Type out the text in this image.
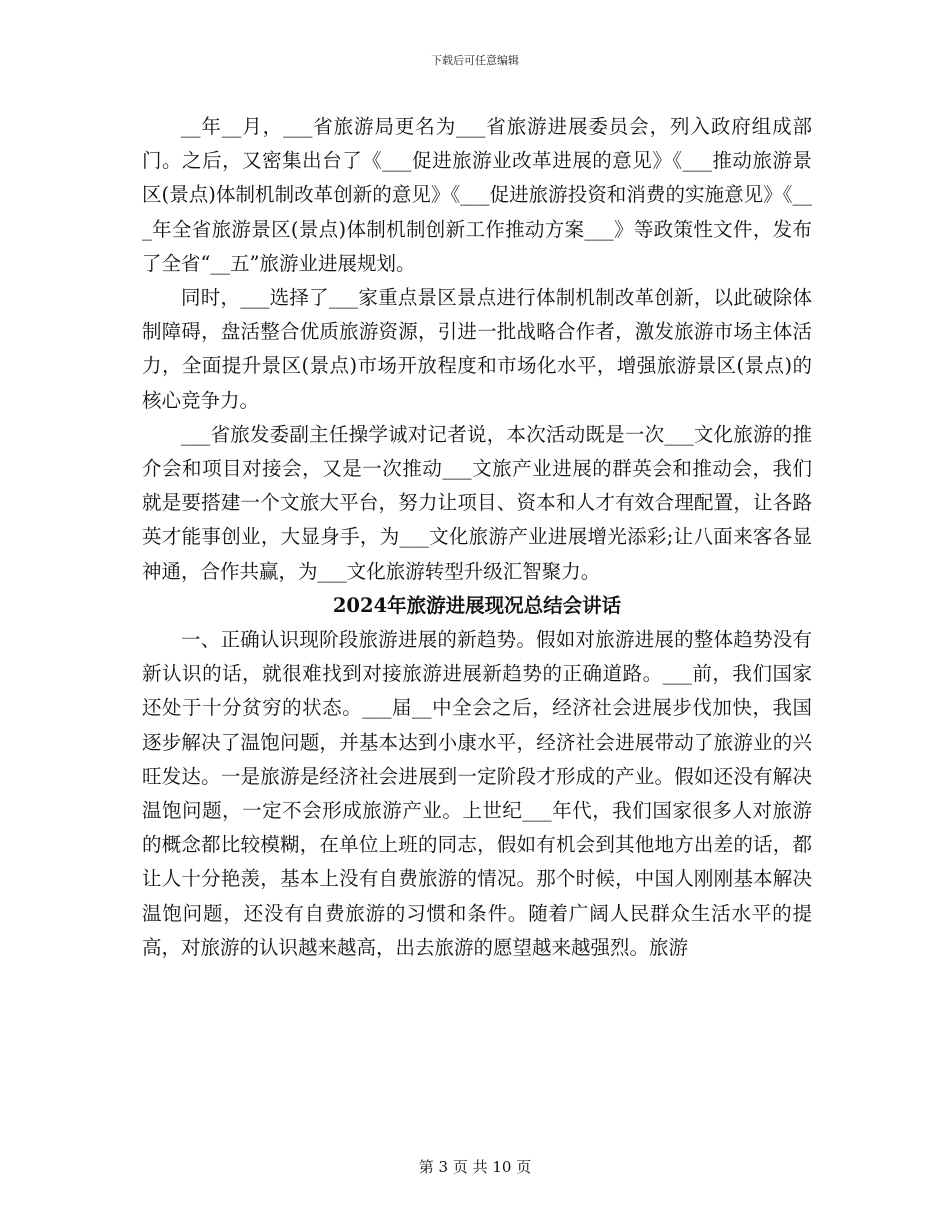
下载后可任意编辑

__年__月，___省旅游局更名为___省旅游进展委员会，列入政府组成部门。之后，又密集出台了《___促进旅游业改革进展的意见》《___推动旅游景区(景点)体制机制改革创新的意见》《___促进旅游投资和消费的实施意见》《___年全省旅游景区(景点)体制机制创新工作推动方案___》等政策性文件，发布了全省“__五”旅游业进展规划。

同时，___选择了___家重点景区景点进行体制机制改革创新，以此破除体制障碍，盘活整合优质旅游资源，引进一批战略合作者，激发旅游市场主体活力，全面提升景区(景点)市场开放程度和市场化水平，增强旅游景区(景点)的核心竞争力。

___省旅发委副主任操学诚对记者说，本次活动既是一次___文化旅游的推介会和项目对接会，又是一次推动___文旅产业进展的群英会和推动会，我们就是要搭建一个文旅大平台，努力让项目、资本和人才有效合理配置，让各路英才能事创业，大显身手，为___文化旅游产业进展增光添彩;让八面来客各显神通，合作共赢，为___文化旅游转型升级汇智聚力。

2024年旅游进展现况总结会讲话

一、正确认识现阶段旅游进展的新趋势。假如对旅游进展的整体趋势没有新认识的话，就很难找到对接旅游进展新趋势的正确道路。___前，我们国家还处于十分贫穷的状态。___届__中全会之后，经济社会进展步伐加快，我国逐步解决了温饱问题，并基本达到小康水平，经济社会进展带动了旅游业的兴旺发达。一是旅游是经济社会进展到一定阶段才形成的产业。假如还没有解决温饱问题，一定不会形成旅游产业。上世纪___年代，我们国家很多人对旅游的概念都比较模糊，在单位上班的同志，假如有机会到其他地方出差的话，都让人十分艳羡，基本上没有自费旅游的情况。那个时候，中国人刚刚基本解决温饱问题，还没有自费旅游的习惯和条件。随着广阔人民群众生活水平的提高，对旅游的认识越来越高，出去旅游的愿望越来越强烈。旅游

第 3 页 共 10 页
